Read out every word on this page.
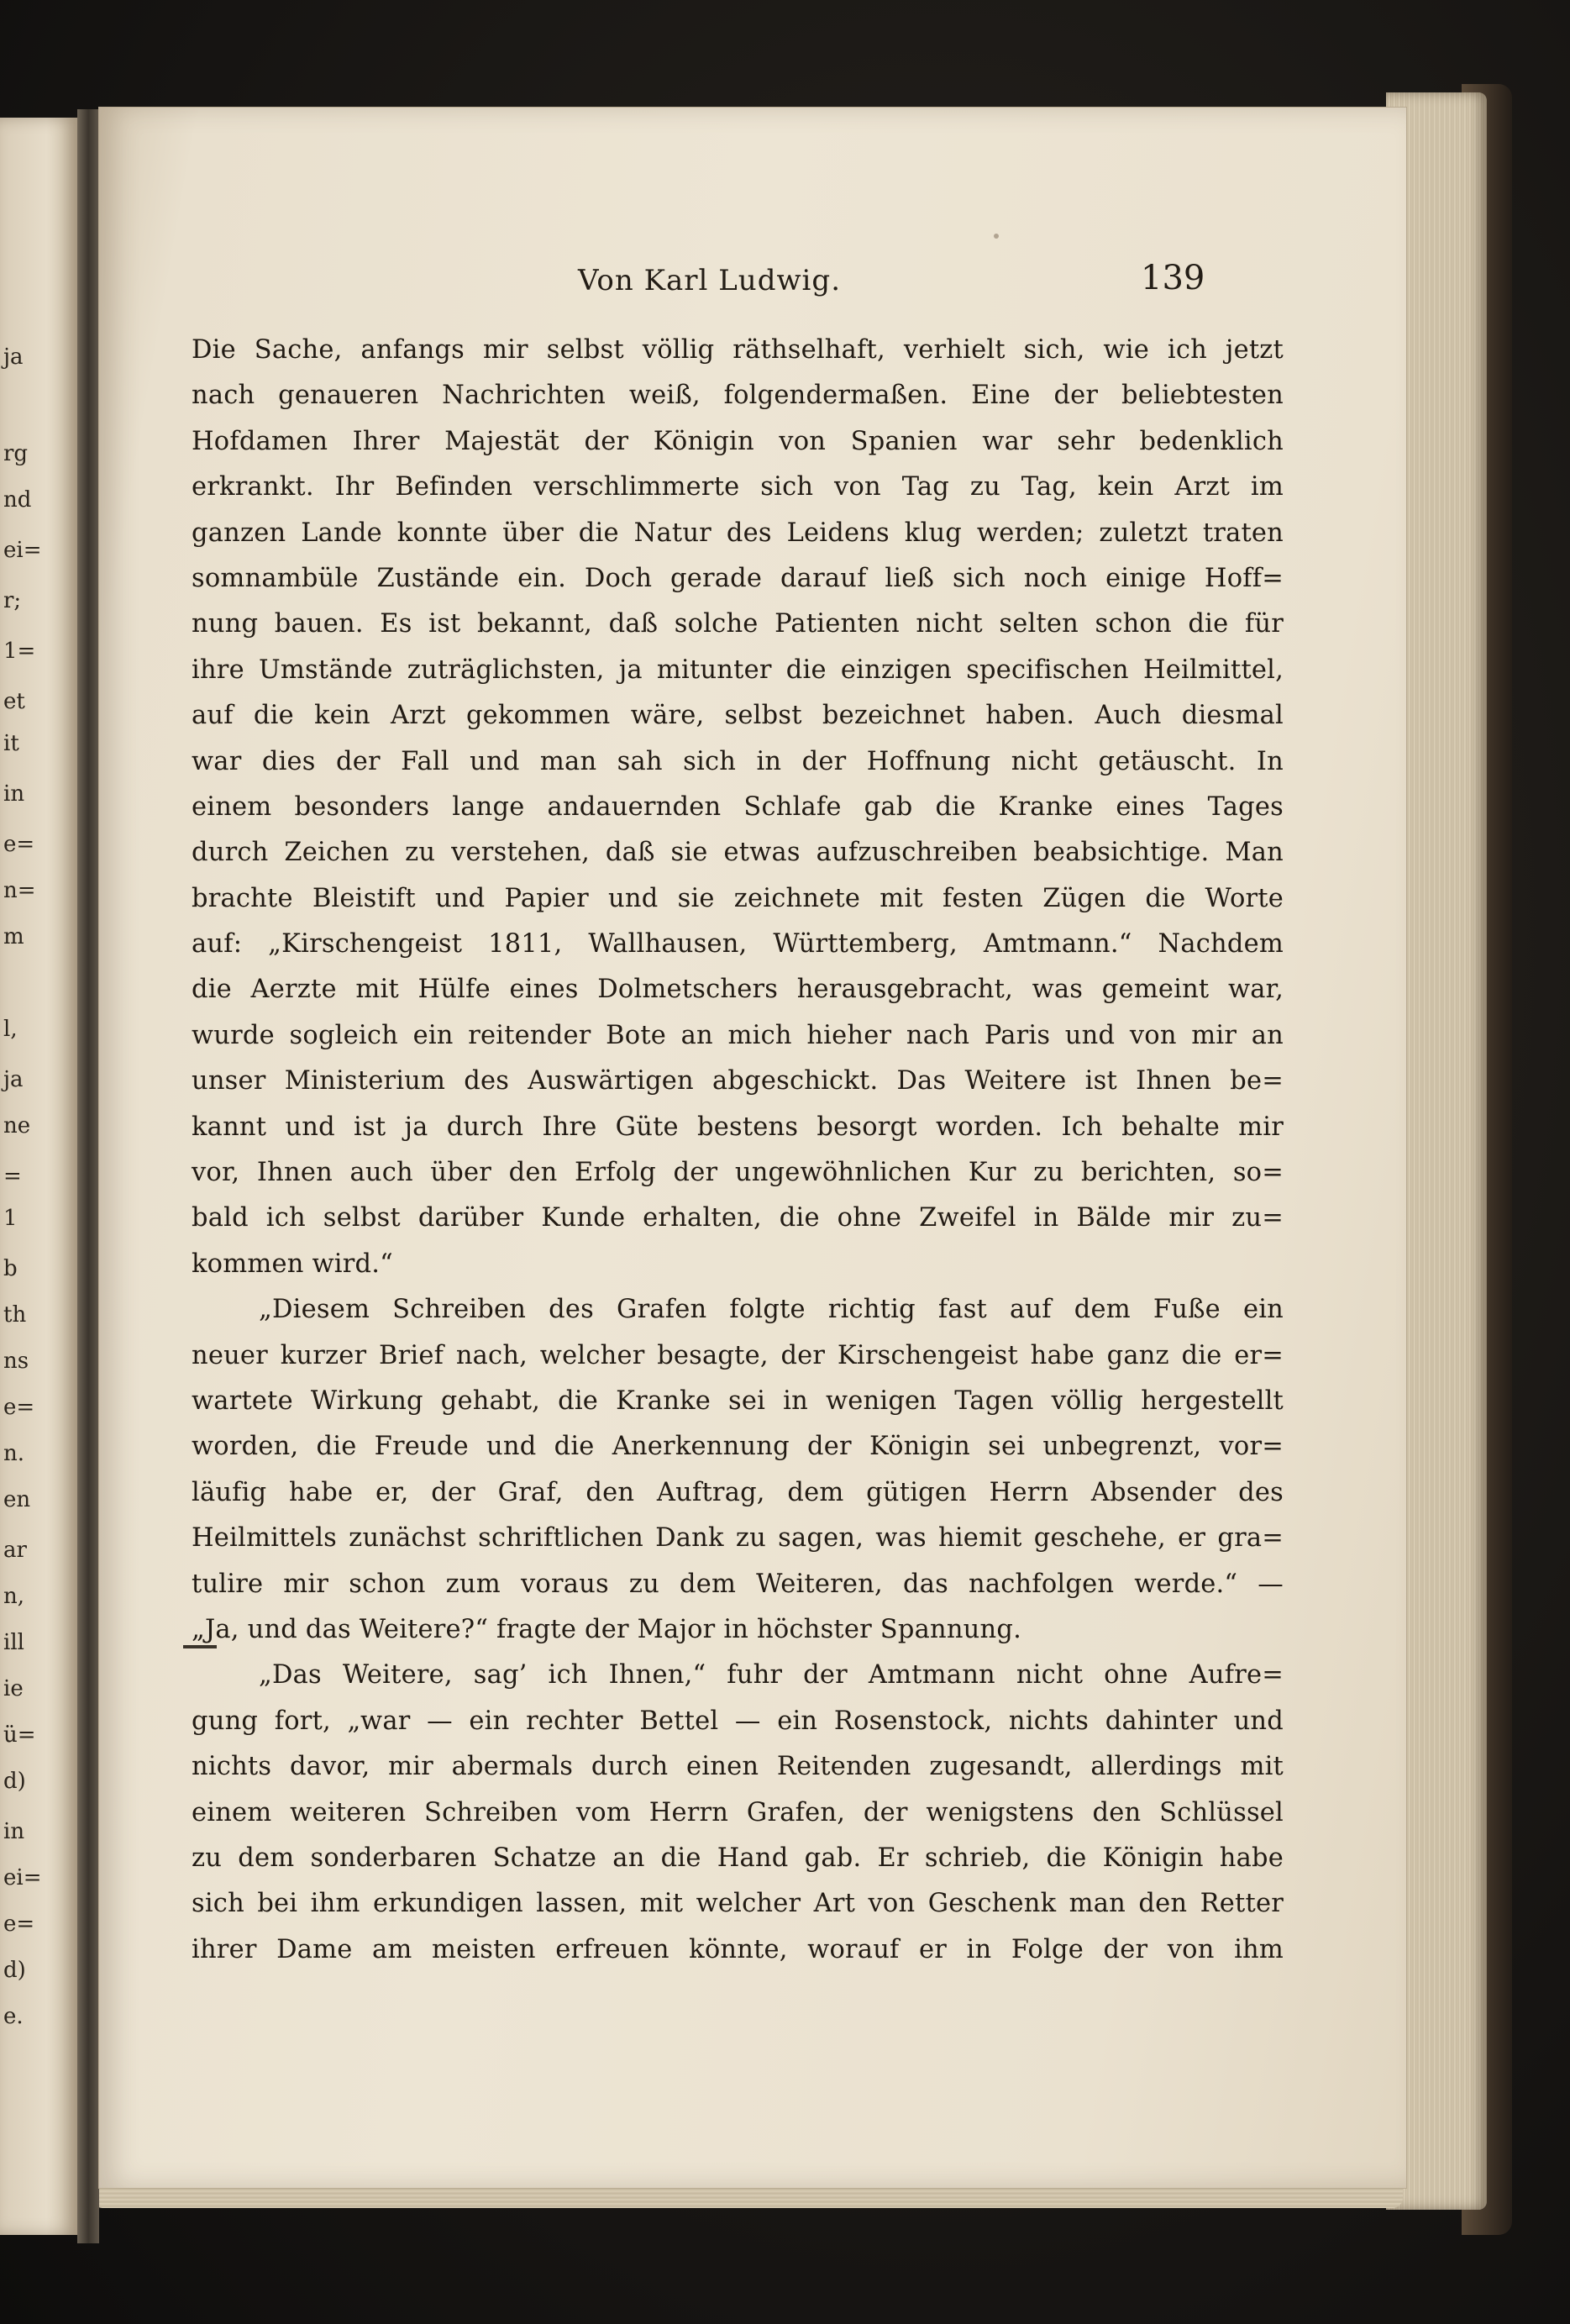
ja
rg
nd
ei=
r;
1=
et
it
in
e=
n=
m
l,
ja
ne
=
1
b
th
ns
e=
n.
en
ar
n,
ill
ie
ü=
d)
in
ei=
e=
d)
e.
Von Karl Ludwig.	139
Die Sache, anfangs mir selbst völlig räthselhaft, verhielt sich, wie ich jetzt
nach genaueren Nachrichten weiß, folgendermaßen. Eine der beliebtesten
Hofdamen Ihrer Majestät der Königin von Spanien war sehr bedenklich
erkrankt. Ihr Befinden verschlimmerte sich von Tag zu Tag, kein Arzt im
ganzen Lande konnte über die Natur des Leidens klug werden; zuletzt traten
somnambüle Zustände ein. Doch gerade darauf ließ sich noch einige Hoff=
nung bauen. Es ist bekannt, daß solche Patienten nicht selten schon die für
ihre Umstände zuträglichsten, ja mitunter die einzigen specifischen Heilmittel,
auf die kein Arzt gekommen wäre, selbst bezeichnet haben. Auch diesmal
war dies der Fall und man sah sich in der Hoffnung nicht getäuscht. In
einem besonders lange andauernden Schlafe gab die Kranke eines Tages
durch Zeichen zu verstehen, daß sie etwas aufzuschreiben beabsichtige. Man
brachte Bleistift und Papier und sie zeichnete mit festen Zügen die Worte
auf: „Kirschengeist 1811, Wallhausen, Württemberg, Amtmann.“ Nachdem
die Aerzte mit Hülfe eines Dolmetschers herausgebracht, was gemeint war,
wurde sogleich ein reitender Bote an mich hieher nach Paris und von mir an
unser Ministerium des Auswärtigen abgeschickt. Das Weitere ist Ihnen be=
kannt und ist ja durch Ihre Güte bestens besorgt worden. Ich behalte mir
vor, Ihnen auch über den Erfolg der ungewöhnlichen Kur zu berichten, so=
bald ich selbst darüber Kunde erhalten, die ohne Zweifel in Bälde mir zu=
kommen wird.“
„Diesem Schreiben des Grafen folgte richtig fast auf dem Fuße ein
neuer kurzer Brief nach, welcher besagte, der Kirschengeist habe ganz die er=
wartete Wirkung gehabt, die Kranke sei in wenigen Tagen völlig hergestellt
worden, die Freude und die Anerkennung der Königin sei unbegrenzt, vor=
läufig habe er, der Graf, den Auftrag, dem gütigen Herrn Absender des
Heilmittels zunächst schriftlichen Dank zu sagen, was hiemit geschehe, er gra=
tulire mir schon zum voraus zu dem Weiteren, das nachfolgen werde.“ —
„Ja, und das Weitere?“ fragte der Major in höchster Spannung.
„Das Weitere, sag’ ich Ihnen,“ fuhr der Amtmann nicht ohne Aufre=
gung fort, „war — ein rechter Bettel — ein Rosenstock, nichts dahinter und
nichts davor, mir abermals durch einen Reitenden zugesandt, allerdings mit
einem weiteren Schreiben vom Herrn Grafen, der wenigstens den Schlüssel
zu dem sonderbaren Schatze an die Hand gab. Er schrieb, die Königin habe
sich bei ihm erkundigen lassen, mit welcher Art von Geschenk man den Retter
ihrer Dame am meisten erfreuen könnte, worauf er in Folge der von ihm
